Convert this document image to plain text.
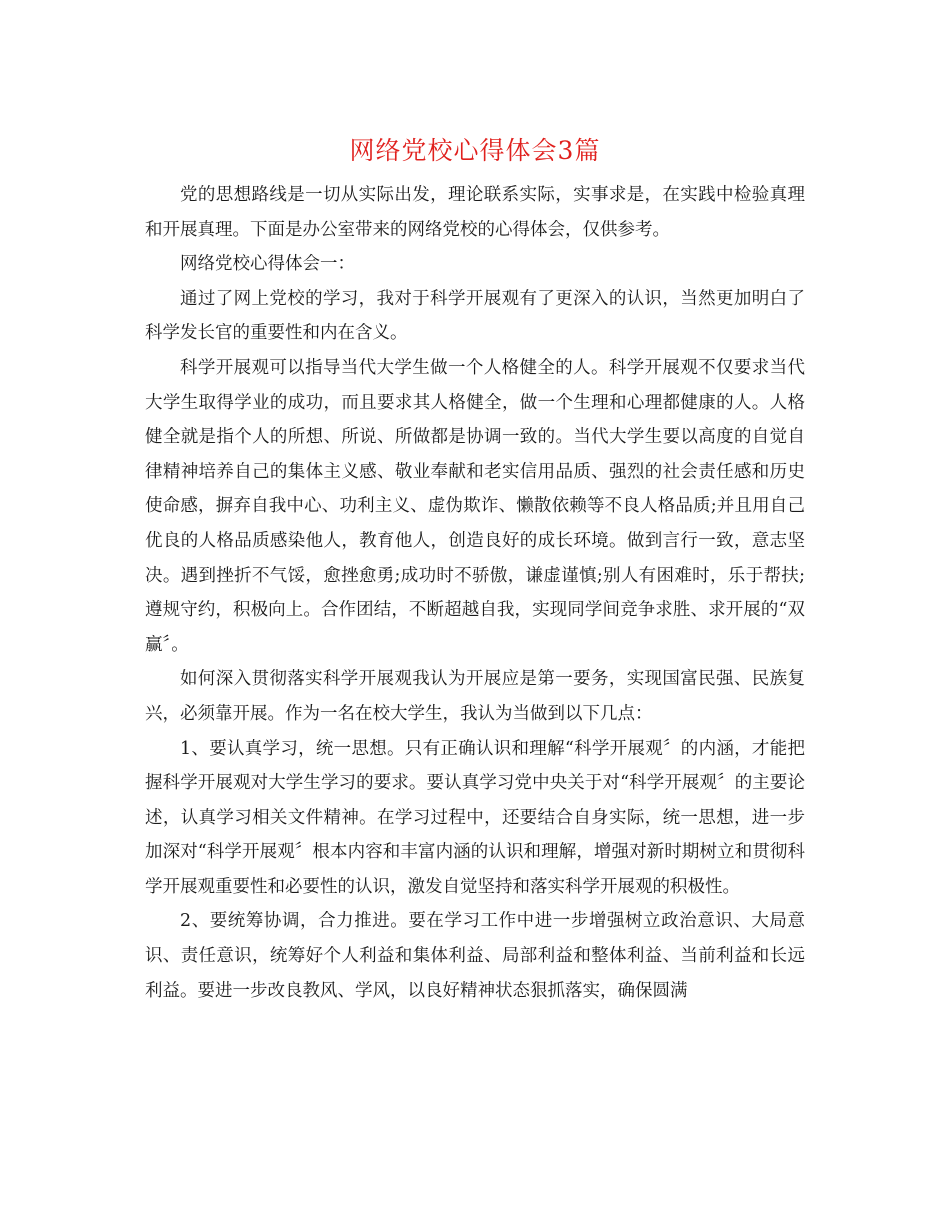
网络党校心得体会3篇

党的思想路线是一切从实际出发，理论联系实际，实事求是，在实践中检验真理和开展真理。下面是办公室带来的网络党校的心得体会，仅供参考。

网络党校心得体会一：

通过了网上党校的学习，我对于科学开展观有了更深入的认识，当然更加明白了科学发长官的重要性和内在含义。

科学开展观可以指导当代大学生做一个人格健全的人。科学开展观不仅要求当代大学生取得学业的成功，而且要求其人格健全，做一个生理和心理都健康的人。人格健全就是指个人的所想、所说、所做都是协调一致的。当代大学生要以高度的自觉自律精神培养自己的集体主义感、敬业奉献和老实信用品质、强烈的社会责任感和历史使命感，摒弃自我中心、功利主义、虚伪欺诈、懒散依赖等不良人格品质;并且用自己优良的人格品质感染他人，教育他人，创造良好的成长环境。做到言行一致，意志坚决。遇到挫折不气馁，愈挫愈勇;成功时不骄傲，谦虚谨慎;别人有困难时，乐于帮扶;遵规守约，积极向上。合作团结，不断超越自我，实现同学间竞争求胜、求开展的“双赢〞。

如何深入贯彻落实科学开展观我认为开展应是第一要务，实现国富民强、民族复兴，必须靠开展。作为一名在校大学生，我认为当做到以下几点：

1、要认真学习，统一思想。只有正确认识和理解“科学开展观〞的内涵，才能把握科学开展观对大学生学习的要求。要认真学习党中央关于对“科学开展观〞的主要论述，认真学习相关文件精神。在学习过程中，还要结合自身实际，统一思想，进一步加深对“科学开展观〞根本内容和丰富内涵的认识和理解，增强对新时期树立和贯彻科学开展观重要性和必要性的认识，激发自觉坚持和落实科学开展观的积极性。

2、要统筹协调，合力推进。要在学习工作中进一步增强树立政治意识、大局意识、责任意识，统筹好个人利益和集体利益、局部利益和整体利益、当前利益和长远利益。要进一步改良教风、学风，以良好精神状态狠抓落实，确保圆满
